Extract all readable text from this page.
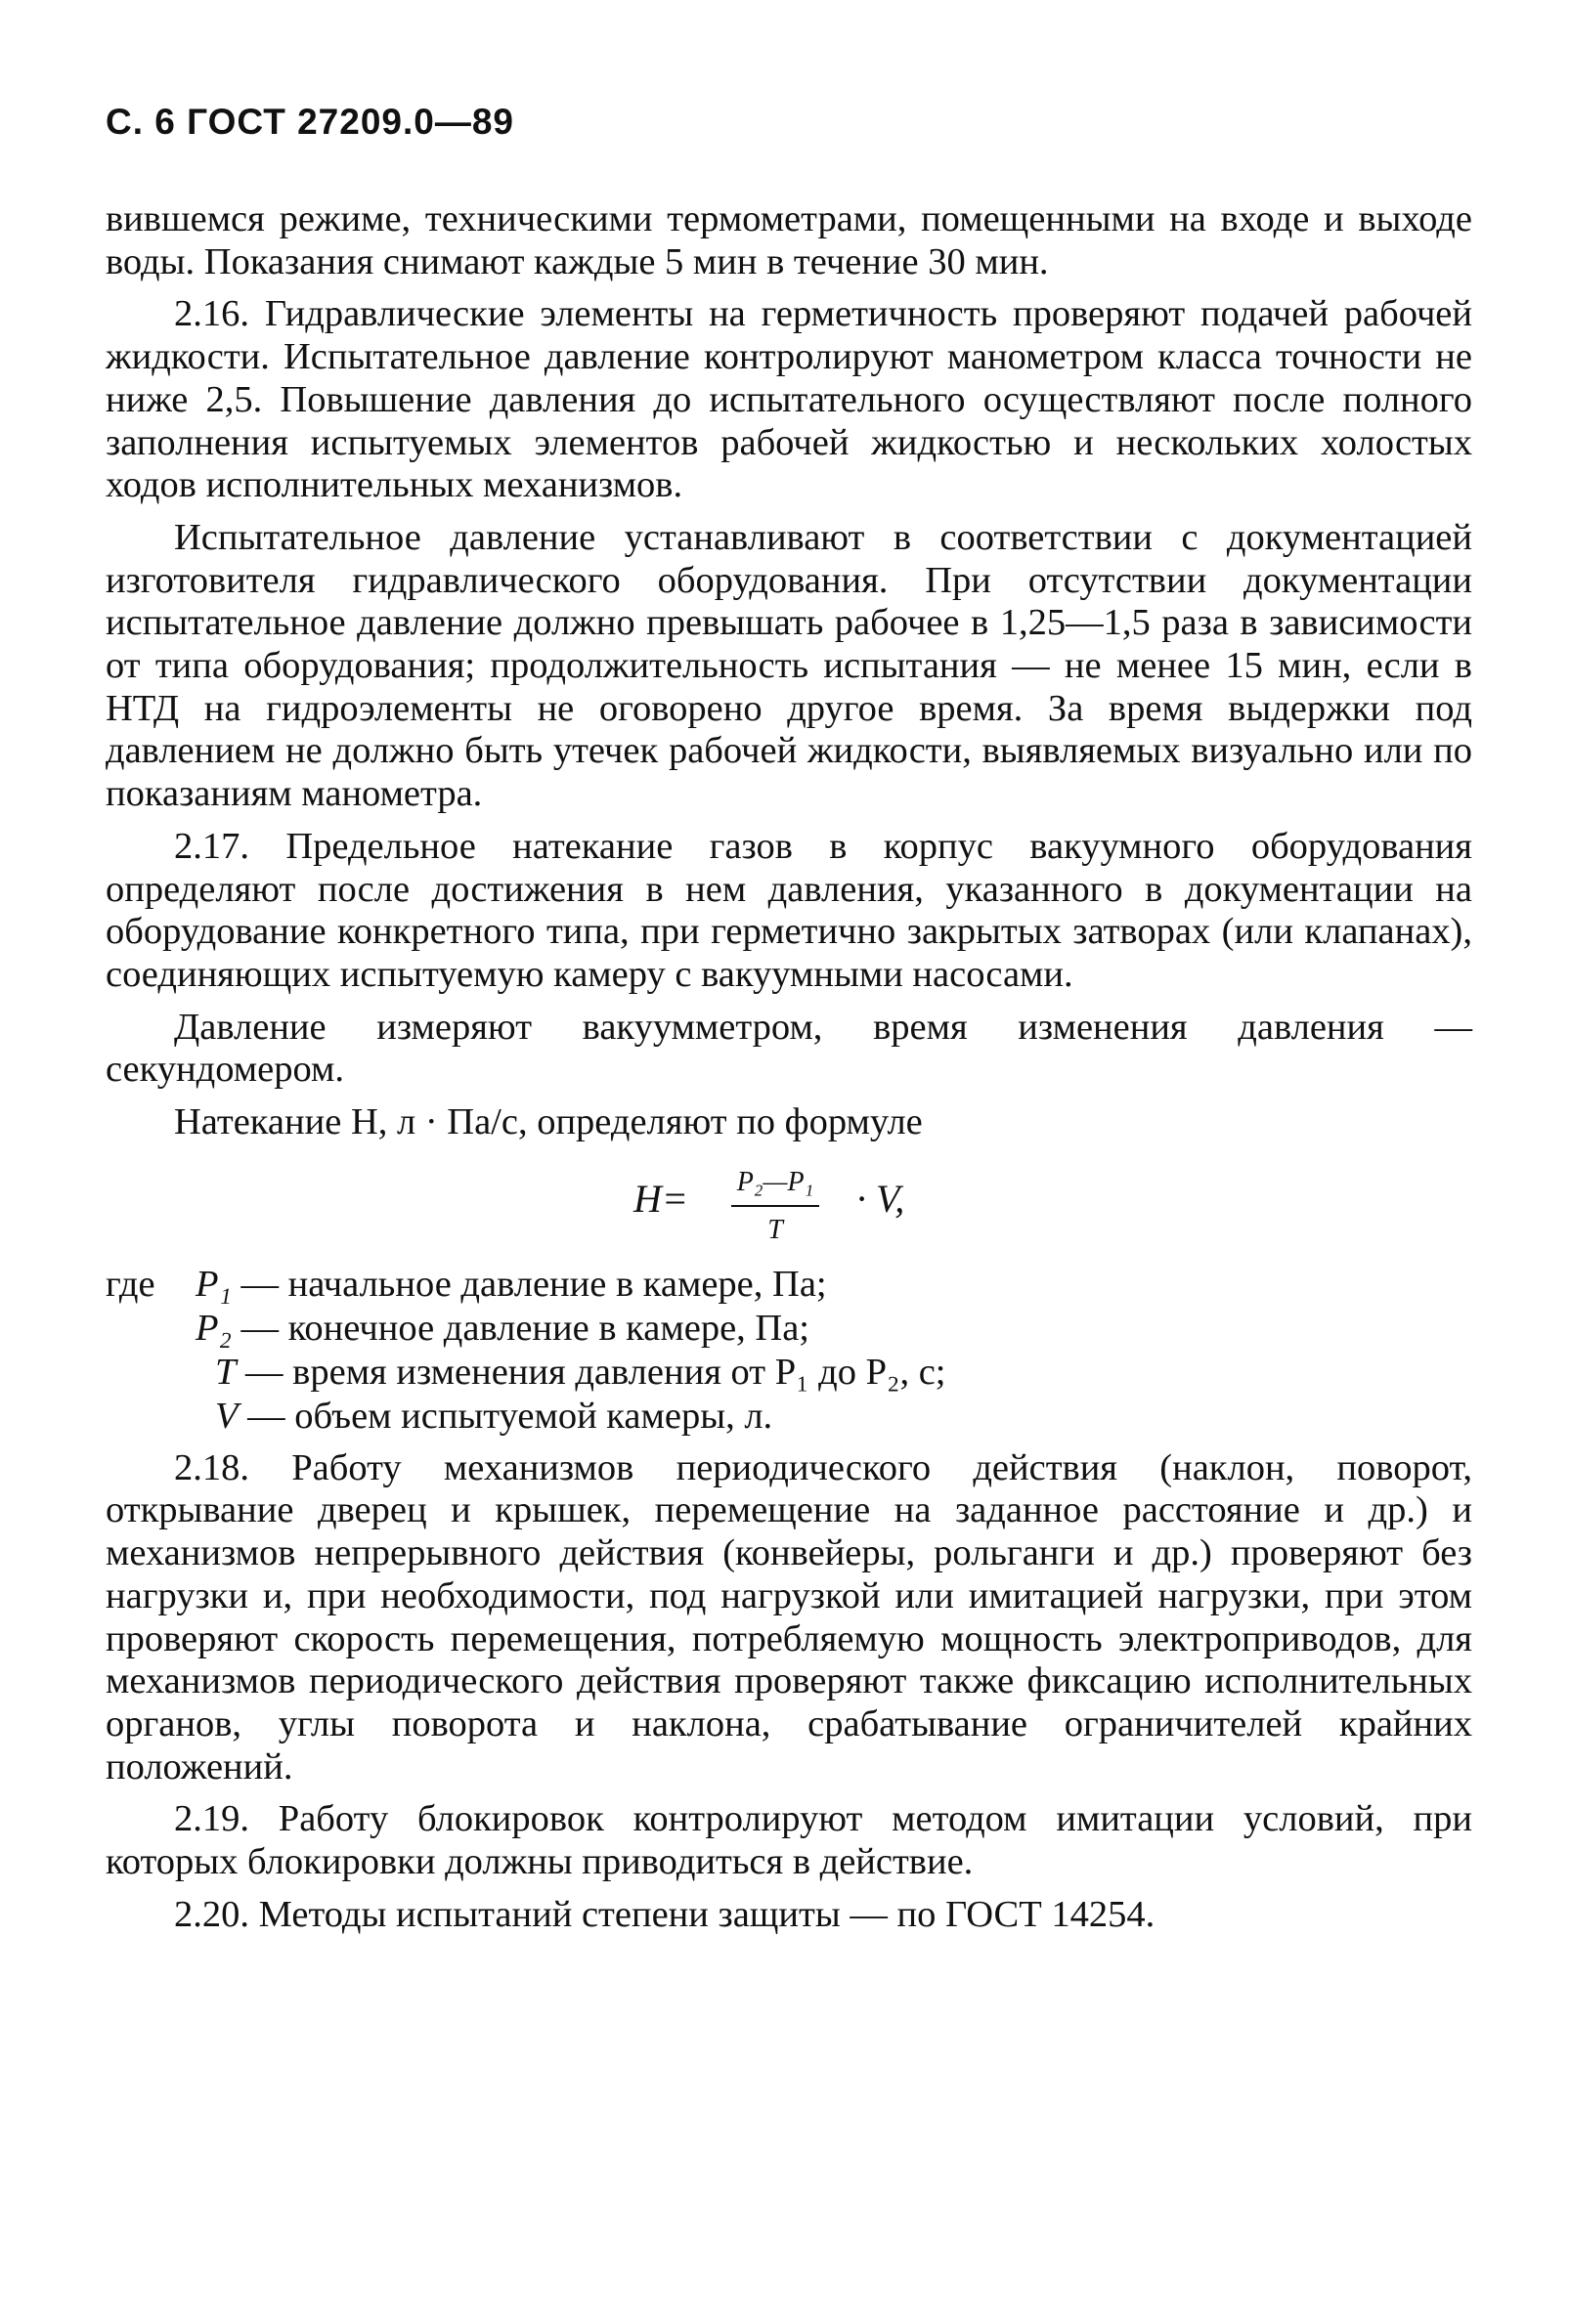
С. 6 ГОСТ 27209.0—89

вившемся режиме, техническими термометрами, помещенными на входе и выходе воды. Показания снимают каждые 5 мин в течение 30 мин.

2.16. Гидравлические элементы на герметичность проверяют подачей рабочей жидкости. Испытательное давление контролируют манометром класса точности не ниже 2,5. Повышение давления до испытательного осуществляют после полного заполнения испытуемых элементов рабочей жидкостью и нескольких холостых ходов исполнительных механизмов.

Испытательное давление устанавливают в соответствии с документацией изготовителя гидравлического оборудования. При отсутствии документации испытательное давление должно превышать рабочее в 1,25—1,5 раза в зависимости от типа оборудования; продолжительность испытания — не менее 15 мин, если в НТД на гидроэлементы не оговорено другое время. За время выдержки под давлением не должно быть утечек рабочей жидкости, выявляемых визуально или по показаниям манометра.

2.17. Предельное натекание газов в корпус вакуумного оборудования определяют после достижения в нем давления, указанного в документации на оборудование конкретного типа, при герметично закрытых затворах (или клапанах), соединяющих испытуемую камеру с вакуумными насосами.

Давление измеряют вакуумметром, время изменения давления — секундомером.

Натекание H, л · Па/с, определяют по формуле

$H= \frac{\text{P₂—P₁}}{T} \cdot V$,
где P₁ — начальное давление в камере, Па;
P₂ — конечное давление в камере, Па;
T — время изменения давления от P₁ до P₂, с;
V — объем испытуемой камеры, л.

2.18. Работу механизмов периодического действия (наклон, поворот, открывание дверец и крышек, перемещение на заданное расстояние и др.) и механизмов непрерывного действия (конвейеры, рольганги и др.) проверяют без нагрузки и, при необходимости, под нагрузкой или имитацией нагрузки, при этом проверяют скорость перемещения, потребляемую мощность электроприводов, для механизмов периодического действия проверяют также фиксацию исполнительных органов, углы поворота и наклона, срабатывание ограничителей крайних положений.

2.19. Работу блокировок контролируют методом имитации условий, при которых блокировки должны приводиться в действие.

2.20. Методы испытаний степени защиты — по ГОСТ 14254.
